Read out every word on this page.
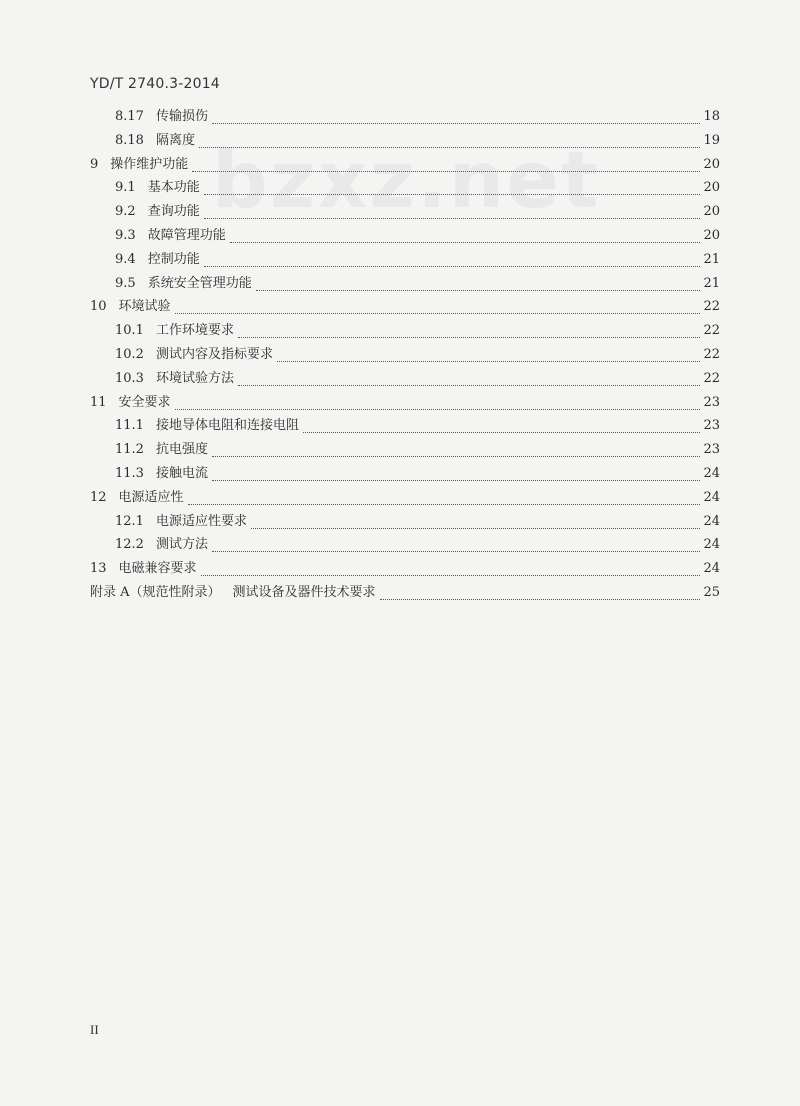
YD/T 2740.3-2014
bzxz.net
8.17 传输损伤	18
8.18 隔离度	19
9 操作维护功能	20
9.1 基本功能	20
9.2 查询功能	20
9.3 故障管理功能	20
9.4 控制功能	21
9.5 系统安全管理功能	21
10 环境试验	22
10.1 工作环境要求	22
10.2 测试内容及指标要求	22
10.3 环境试验方法	22
11 安全要求	23
11.1 接地导体电阻和连接电阻	23
11.2 抗电强度	23
11.3 接触电流	24
12 电源适应性	24
12.1 电源适应性要求	24
12.2 测试方法	24
13 电磁兼容要求	24
附录 A（规范性附录） 测试设备及器件技术要求	25
II
